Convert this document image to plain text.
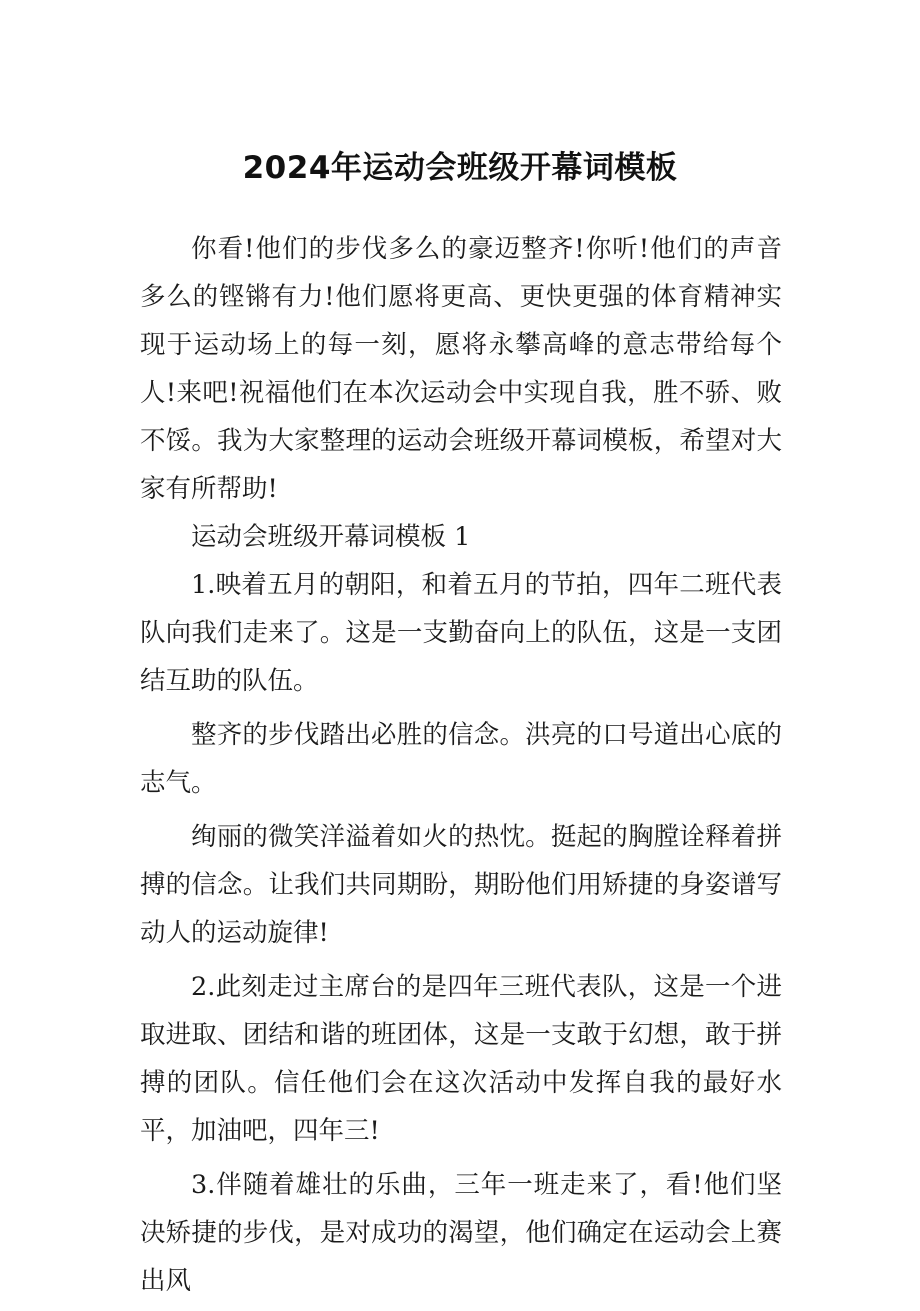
2024年运动会班级开幕词模板

你看!他们的步伐多么的豪迈整齐!你听!他们的声音多么的铿锵有力!他们愿将更高、更快更强的体育精神实现于运动场上的每一刻，愿将永攀高峰的意志带给每个人!来吧!祝福他们在本次运动会中实现自我，胜不骄、败不馁。我为大家整理的运动会班级开幕词模板，希望对大家有所帮助!

运动会班级开幕词模板 1

1.映着五月的朝阳，和着五月的节拍，四年二班代表队向我们走来了。这是一支勤奋向上的队伍，这是一支团结互助的队伍。

整齐的步伐踏出必胜的信念。洪亮的口号道出心底的志气。

绚丽的微笑洋溢着如火的热忱。挺起的胸膛诠释着拼搏的信念。让我们共同期盼，期盼他们用矫捷的身姿谱写动人的运动旋律!

2.此刻走过主席台的是四年三班代表队，这是一个进取进取、团结和谐的班团体，这是一支敢于幻想，敢于拼搏的团队。信任他们会在这次活动中发挥自我的最好水平，加油吧，四年三!

3.伴随着雄壮的乐曲，三年一班走来了，看!他们坚决矫捷的步伐，是对成功的渴望，他们确定在运动会上赛出风
